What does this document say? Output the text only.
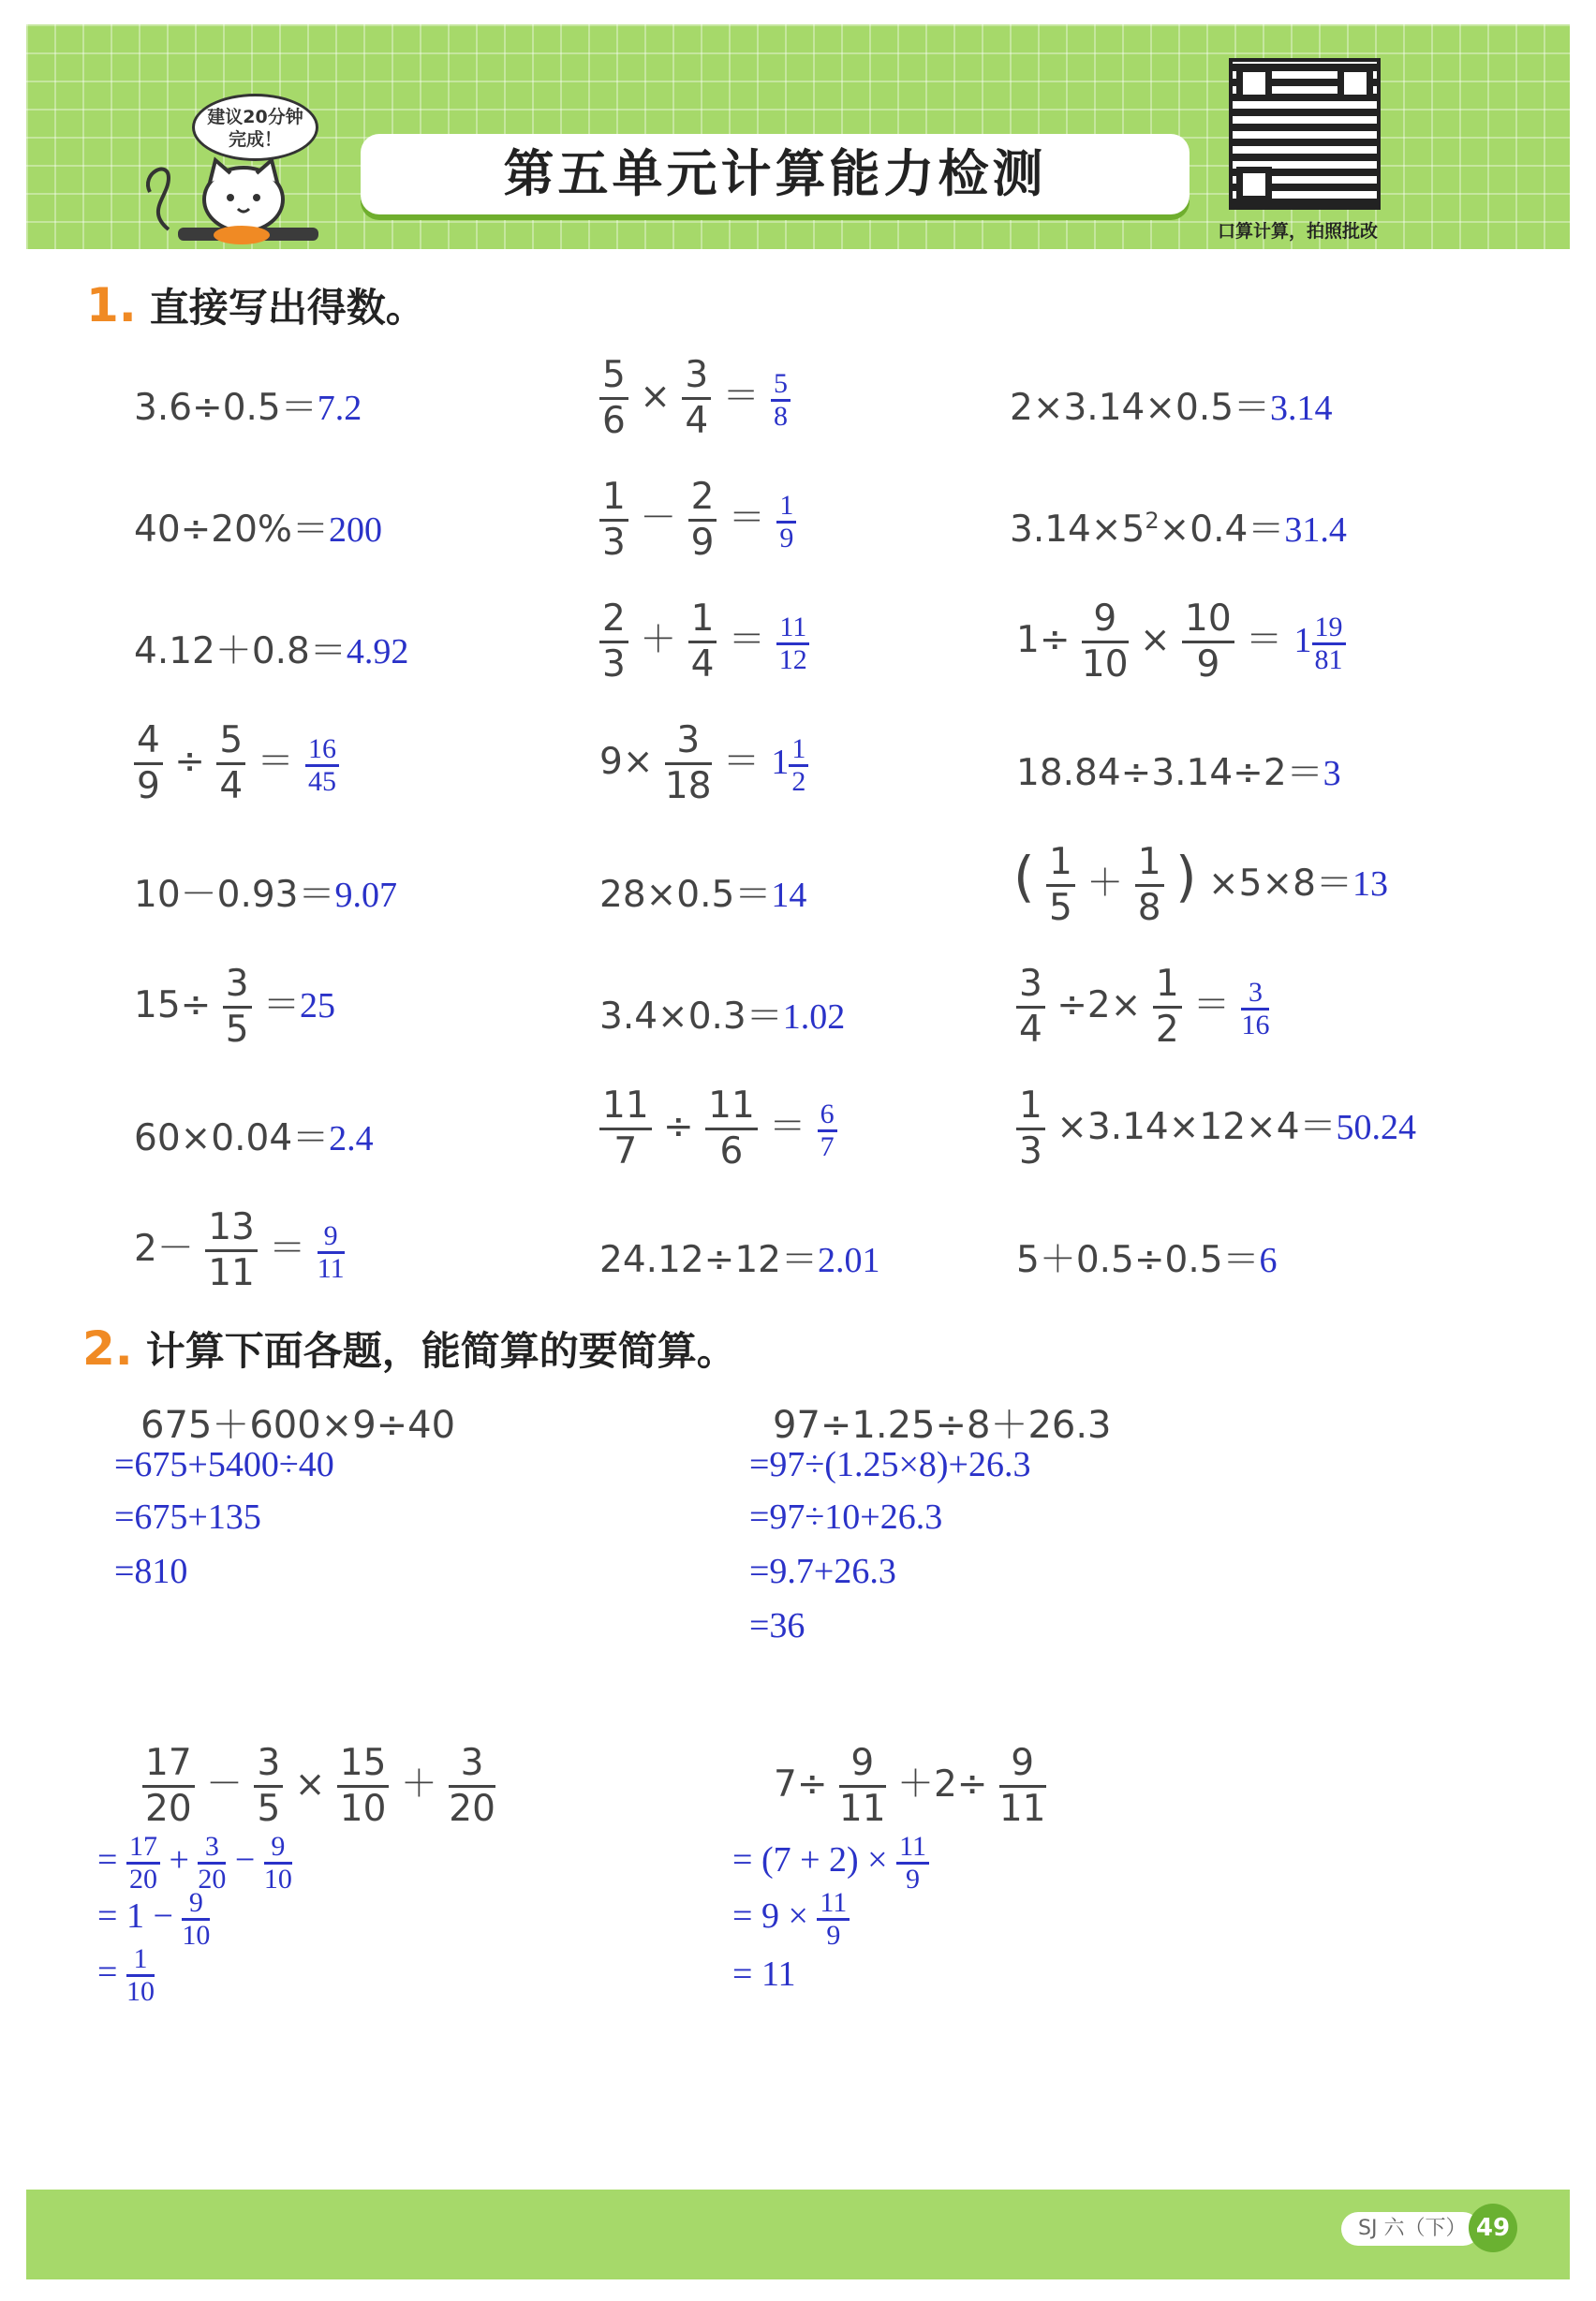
建议20分钟
完成！
第五单元计算能力检测
口算计算，拍照批改
1. 直接写出得数。
3.6÷0.5＝7.2	$\frac{5}{6} \times \frac{3}{4} = \frac{5}{8}$	2×3.14×0.5＝3.14
40÷20%＝200	$\frac{1}{3} - \frac{2}{9} = \frac{1}{9}$	$3.14\times 5^2\times 0.4=31.4$
4.12＋0.8＝4.92	$\frac{2}{3} + \frac{1}{4} = \frac{11}{12}$	$1\div \frac{9}{10} \times \frac{10}{9} = 1 \frac{19}{81}$
$\frac{4}{9} \div \frac{5}{4} = \frac{16}{45}$	$9\times \frac{3}{18} = 1 \frac{1}{2}$	18.84÷3.14÷2＝3
10－0.93＝9.07	28×0.5＝14	( $\frac{1}{5} + \frac{1}{8}$ ) ×5×8＝13
$15\div \frac{3}{5} =25$	3.4×0.3＝1.02	$\frac{3}{4} \div 2\times \frac{1}{2} = \frac{3}{16}$
60×0.04＝2.4	$\frac{11}{7} \div \frac{11}{6} = \frac{6}{7}$	$\frac{1}{3} \times 3.14\times 12\times 4=50.24$
$2- \frac{13}{11} = \frac{9}{11}$	24.12÷12＝2.01	5＋0.5÷0.5＝6
2. 计算下面各题，能简算的要简算。
675＋600×9÷40
=675+5400÷40
=675+135
=810
97÷1.25÷8＋26.3
=97÷(1.25×8)+26.3
=97÷10+26.3
=9.7+26.3
=36
$\frac{17}{20} - \frac{3}{5} \times \frac{15}{10} + \frac{3}{20}$
= $\frac{17}{20} + \frac{3}{20} - \frac{9}{10}$
= $1 - \frac{9}{10}$
= $\frac{1}{10}$
$7\div \frac{9}{11} +2\div \frac{9}{11}$
= $(7 + 2) \times \frac{11}{9}$
= $9 \times \frac{11}{9}$
= 11
SJ 六（下） 49
